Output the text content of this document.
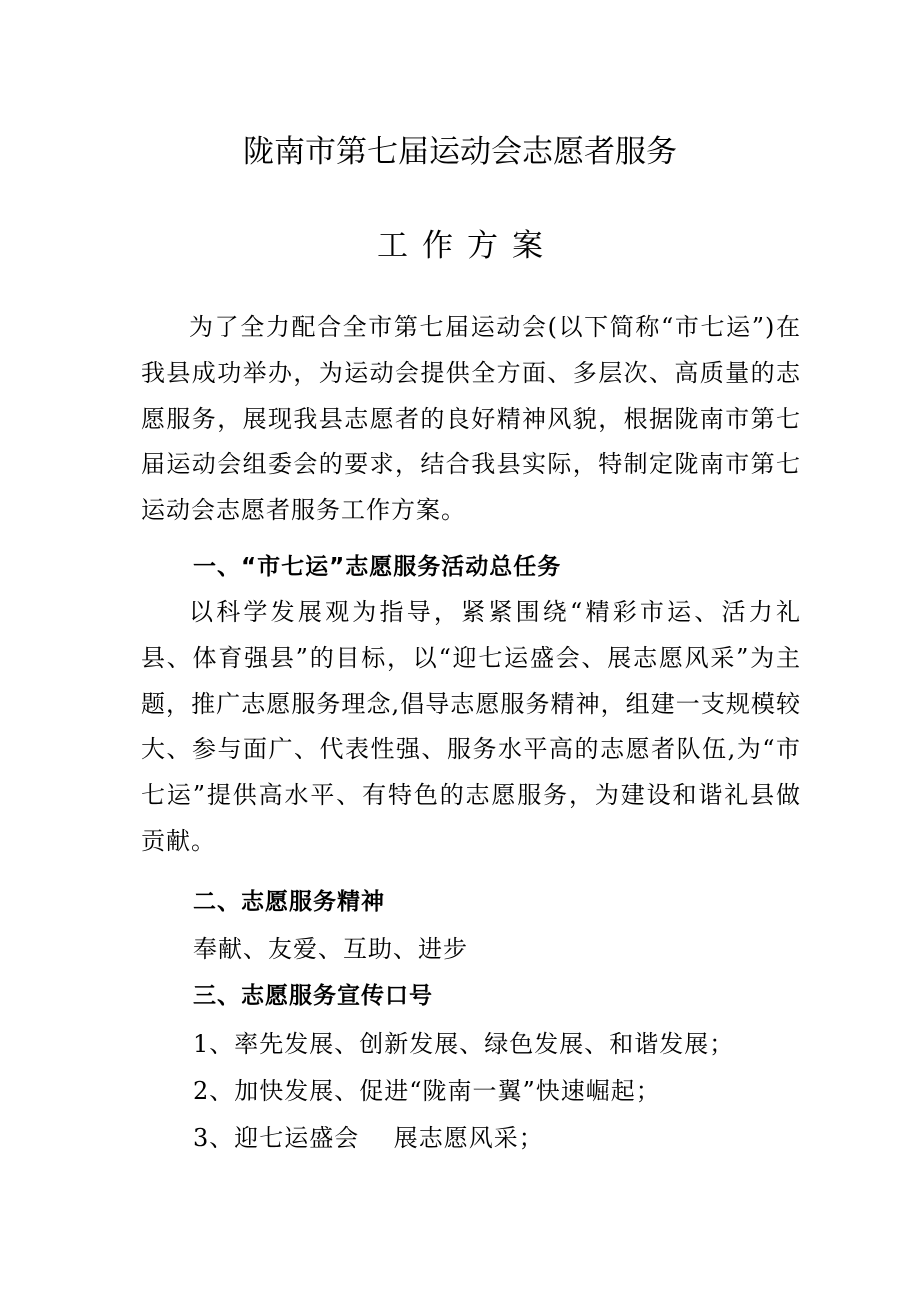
陇南市第七届运动会志愿者服务
工作方案
为了全力配合全市第七届运动会(以下简称“市七运”)在我县成功举办，为运动会提供全方面、多层次、高质量的志愿服务，展现我县志愿者的良好精神风貌，根据陇南市第七届运动会组委会的要求，结合我县实际，特制定陇南市第七运动会志愿者服务工作方案。
一、“市七运”志愿服务活动总任务
以科学发展观为指导，紧紧围绕“精彩市运、活力礼县、体育强县”的目标，以“迎七运盛会、展志愿风采”为主题，推广志愿服务理念,倡导志愿服务精神，组建一支规模较大、参与面广、代表性强、服务水平高的志愿者队伍,为“市七运”提供高水平、有特色的志愿服务，为建设和谐礼县做贡献。
二、志愿服务精神
奉献、友爱、互助、进步
三、志愿服务宣传口号
1、率先发展、创新发展、绿色发展、和谐发展；
2、加快发展、促进“陇南一翼”快速崛起；
3、迎七运盛会    展志愿风采；
